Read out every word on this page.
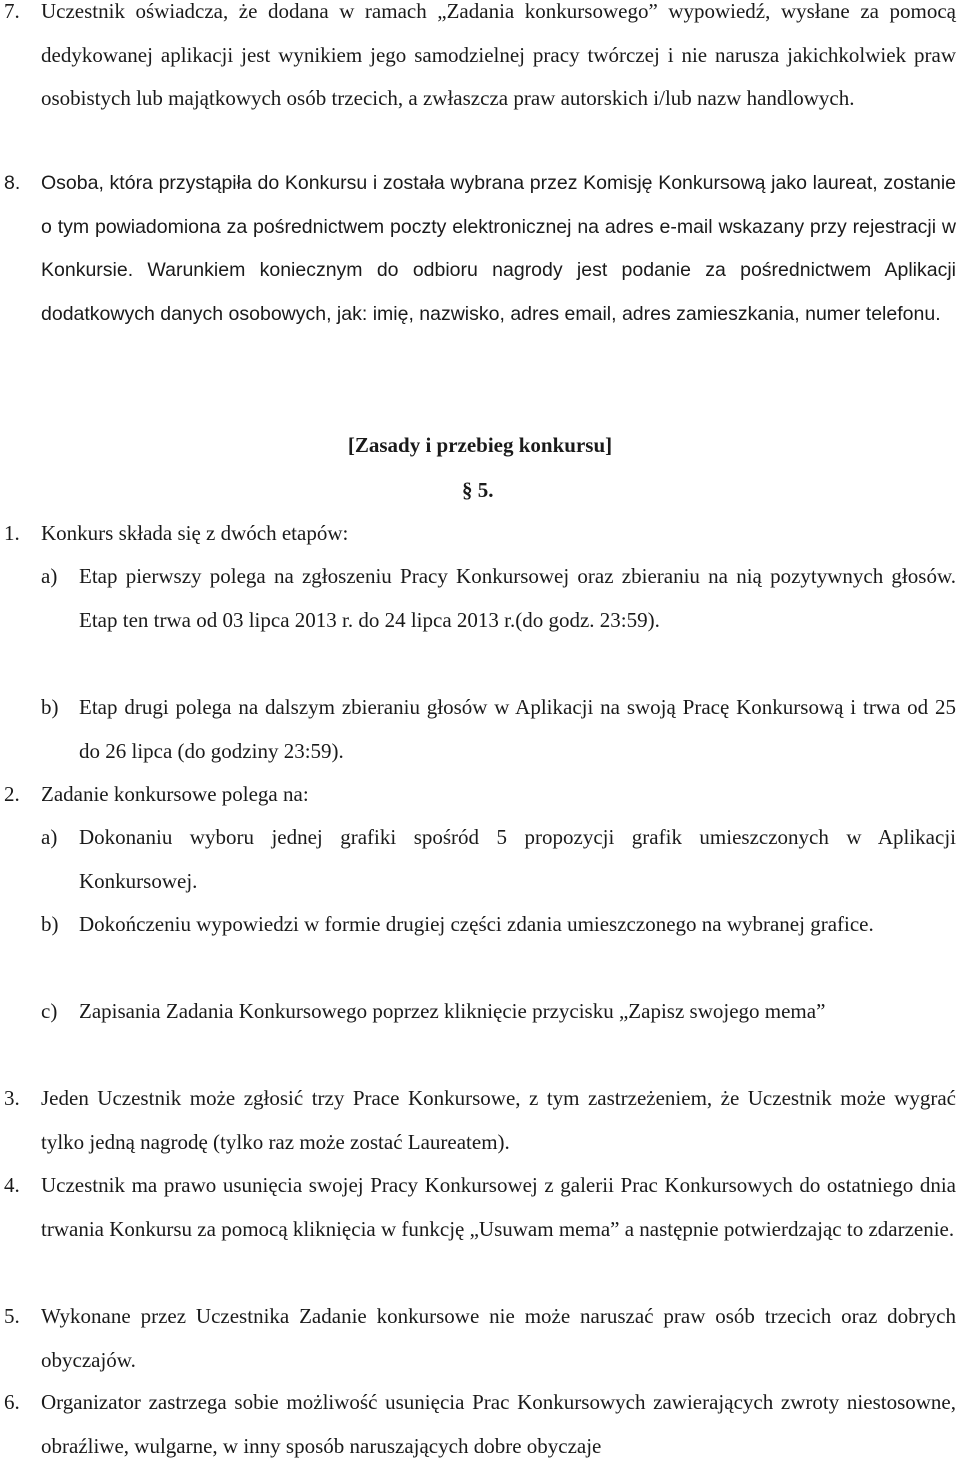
7. Uczestnik oświadcza, że dodana w ramach „Zadania konkursowego” wypowiedź, wysłane za pomocą dedykowanej aplikacji jest wynikiem jego samodzielnej pracy twórczej i nie narusza jakichkolwiek praw osobistych lub majątkowych osób trzecich, a zwłaszcza praw autorskich i/lub nazw handlowych.
8. Osoba, która przystąpiła do Konkursu i została wybrana przez Komisję Konkursową jako laureat, zostanie o tym powiadomiona za pośrednictwem poczty elektronicznej na adres e-mail wskazany przy rejestracji w Konkursie. Warunkiem koniecznym do odbioru nagrody jest podanie za pośrednictwem Aplikacji dodatkowych danych osobowych, jak: imię, nazwisko, adres email, adres zamieszkania, numer telefonu.
[Zasady i przebieg konkursu]
§ 5.
1. Konkurs składa się z dwóch etapów:
a) Etap pierwszy polega na zgłoszeniu Pracy Konkursowej oraz zbieraniu na nią pozytywnych głosów. Etap ten trwa od 03 lipca 2013 r. do 24 lipca 2013 r.(do godz. 23:59).
b) Etap drugi polega na dalszym zbieraniu głosów w Aplikacji na swoją Pracę Konkursową i trwa od 25 do 26 lipca (do godziny 23:59).
2. Zadanie konkursowe polega na:
a) Dokonaniu wyboru jednej grafiki spośród 5 propozycji grafik umieszczonych w Aplikacji Konkursowej.
b) Dokończeniu wypowiedzi w formie drugiej części zdania umieszczonego na wybranej grafice.
c) Zapisania Zadania Konkursowego poprzez kliknięcie przycisku „Zapisz swojego mema”
3. Jeden Uczestnik może zgłosić trzy Prace Konkursowe, z tym zastrzeżeniem, że Uczestnik może wygrać tylko jedną nagrodę (tylko raz może zostać Laureatem).
4. Uczestnik ma prawo usunięcia swojej Pracy Konkursowej z galerii Prac Konkursowych do ostatniego dnia trwania Konkursu za pomocą kliknięcia w funkcję „Usuwam mema” a następnie potwierdzając to zdarzenie.
5. Wykonane przez Uczestnika Zadanie konkursowe nie może naruszać praw osób trzecich oraz dobrych obyczajów.
6. Organizator zastrzega sobie możliwość usunięcia Prac Konkursowych zawierających zwroty niestosowne, obraźliwe, wulgarne, w inny sposób naruszających dobre obyczaje
